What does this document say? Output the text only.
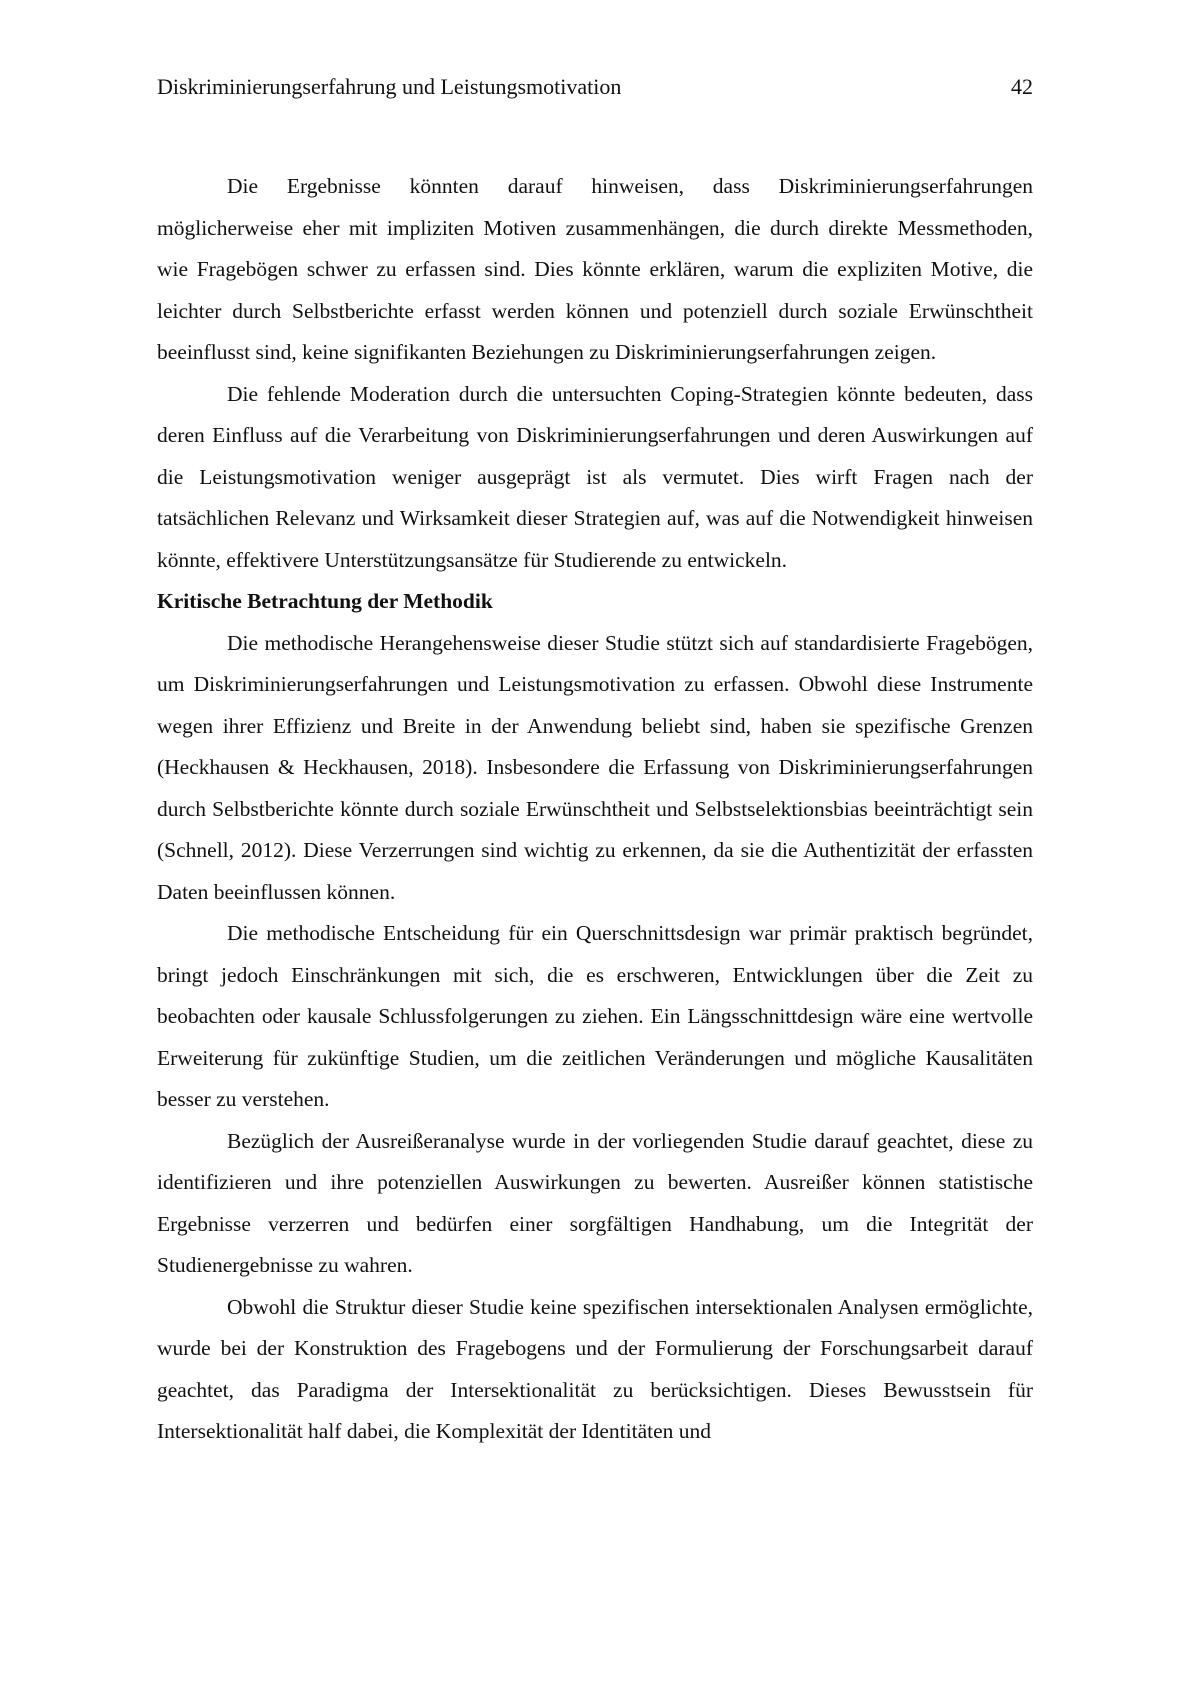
Diskriminierungserfahrung und Leistungsmotivation	42

Die Ergebnisse könnten darauf hinweisen, dass Diskriminierungserfahrungen möglicherweise eher mit impliziten Motiven zusammenhängen, die durch direkte Messmethoden, wie Fragebögen schwer zu erfassen sind. Dies könnte erklären, warum die expliziten Motive, die leichter durch Selbstberichte erfasst werden können und potenziell durch soziale Erwünschtheit beeinflusst sind, keine signifikanten Beziehungen zu Diskriminierungserfahrungen zeigen.

Die fehlende Moderation durch die untersuchten Coping-Strategien könnte bedeuten, dass deren Einfluss auf die Verarbeitung von Diskriminierungserfahrungen und deren Auswirkungen auf die Leistungsmotivation weniger ausgeprägt ist als vermutet. Dies wirft Fragen nach der tatsächlichen Relevanz und Wirksamkeit dieser Strategien auf, was auf die Notwendigkeit hinweisen könnte, effektivere Unterstützungsansätze für Studierende zu entwickeln.

Kritische Betrachtung der Methodik

Die methodische Herangehensweise dieser Studie stützt sich auf standardisierte Fragebögen, um Diskriminierungserfahrungen und Leistungsmotivation zu erfassen. Obwohl diese Instrumente wegen ihrer Effizienz und Breite in der Anwendung beliebt sind, haben sie spezifische Grenzen (Heckhausen & Heckhausen, 2018). Insbesondere die Erfassung von Diskriminierungserfahrungen durch Selbstberichte könnte durch soziale Erwünschtheit und Selbstselektionsbias beeinträchtigt sein (Schnell, 2012). Diese Verzerrungen sind wichtig zu erkennen, da sie die Authentizität der erfassten Daten beeinflussen können.

Die methodische Entscheidung für ein Querschnittsdesign war primär praktisch begründet, bringt jedoch Einschränkungen mit sich, die es erschweren, Entwicklungen über die Zeit zu beobachten oder kausale Schlussfolgerungen zu ziehen. Ein Längsschnittdesign wäre eine wertvolle Erweiterung für zukünftige Studien, um die zeitlichen Veränderungen und mögliche Kausalitäten besser zu verstehen.

Bezüglich der Ausreißeranalyse wurde in der vorliegenden Studie darauf geachtet, diese zu identifizieren und ihre potenziellen Auswirkungen zu bewerten. Ausreißer können statistische Ergebnisse verzerren und bedürfen einer sorgfältigen Handhabung, um die Integrität der Studienergebnisse zu wahren.

Obwohl die Struktur dieser Studie keine spezifischen intersektionalen Analysen ermöglichte, wurde bei der Konstruktion des Fragebogens und der Formulierung der Forschungsarbeit darauf geachtet, das Paradigma der Intersektionalität zu berücksichtigen. Dieses Bewusstsein für Intersektionalität half dabei, die Komplexität der Identitäten und
